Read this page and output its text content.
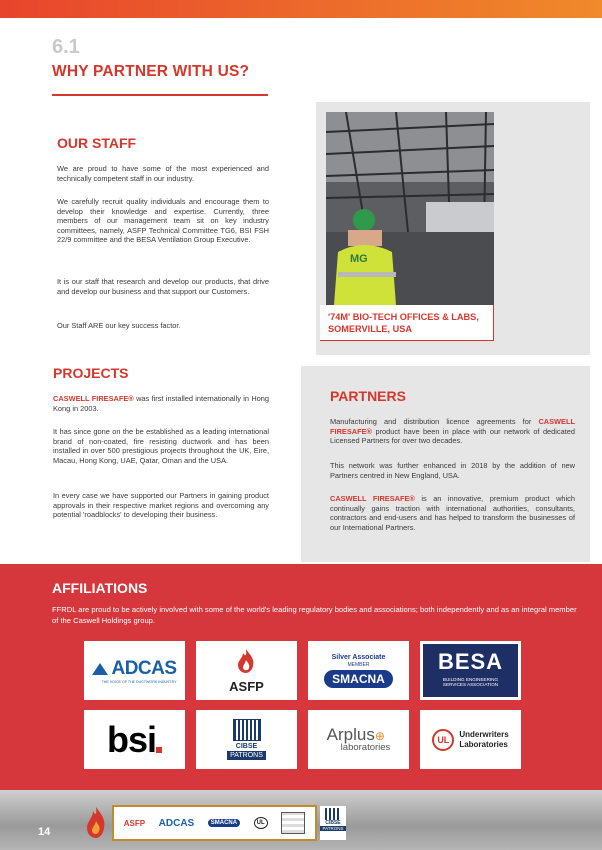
6.1
WHY PARTNER WITH US?
OUR STAFF
We are proud to have some of the most experienced and technically competent staff in our industry.
We carefully recruit quality individuals and encourage them to develop their knowledge and expertise. Currently, three members of our management team sit on key industry committees, namely, ASFP Technical Committee TG6, BSI FSH 22/9 committee and the BESA Ventilation Group Executive.
It is our staff that research and develop our products, that drive and develop our business and that support our Customers.
Our Staff ARE our key success factor.
MG
'74M' BIO-TECH OFFICES & LABS,
SOMERVILLE, USA
PROJECTS
CASWELL FIRESAFE® was first installed internationally in Hong Kong in 2003.
It has since gone on the be established as a leading international brand of non-coated, fire resisting ductwork and has been installed in over 500 prestigious projects throughout the UK, Eire, Macau, Hong Kong, UAE, Qatar, Oman and the USA.
In every case we have supported our Partners in gaining product approvals in their respective market regions and overcoming any potential 'roadblocks' to developing their business.
PARTNERS
Manufacturing and distribution licence agreements for CASWELL FIRESAFE® product have been in place with our network of dedicated Licensed Partners for over two decades.
This network was further enhanced in 2018 by the addition of new Partners centred in New England, USA.
CASWELL FIRESAFE® is an innovative, premium product which continually gains traction with international authorities, consultants, contractors and end-users and has helped to transform the businesses of our International Partners.
AFFILIATIONS
FFRDL are proud to be actively involved with some of the world's leading regulatory bodies and associations; both independently and as an integral member of the Caswell Holdings group.
ADCAS
THE VOICE OF THE DUCTWORK INDUSTRY	ASFP
Silver Associate
MEMBER
SMACNA
BESA
BUILDING ENGINEERING
SERVICES ASSOCIATION
bsi	CIBSE
PATRONS
Arplus⊕
laboratories
UL
Underwriters
Laboratories
14
ASFP ADCAS	SMACNA	UL	CIBSE
PATRONS
